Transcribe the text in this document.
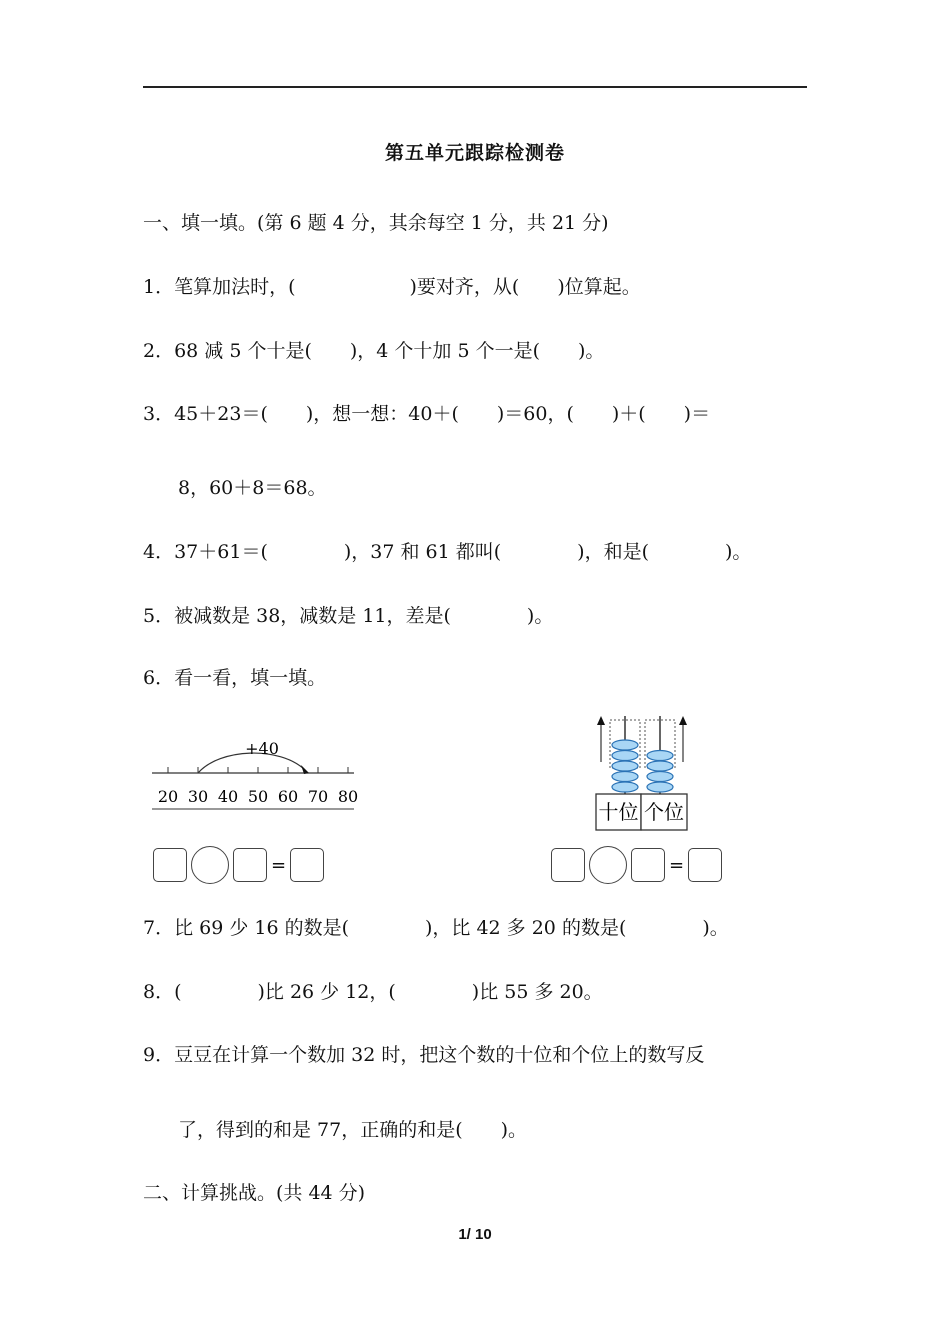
第五单元跟踪检测卷
一、填一填。(第 6 题 4 分，其余每空 1 分，共 21 分)
1．笔算加法时，(　　　　　　)要对齐，从(　　)位算起。
2．68 减 5 个十是(　　)，4 个十加 5 个一是(　　)。
3．45＋23＝(　　)，想一想：40＋(　　)＝60，(　　)＋(　　)＝
8，60＋8＝68。
4．37＋61＝(　　　　)，37 和 61 都叫(　　　　)，和是(　　　　)。
5．被减数是 38，减数是 11，差是(　　　　)。
6．看一看，填一填。
20 30 40 50 60 70 80
+40
十位 个位
=	=
7．比 69 少 16 的数是(　　　　)，比 42 多 20 的数是(　　　　)。
8．(　　　　)比 26 少 12，(　　　　)比 55 多 20。
9．豆豆在计算一个数加 32 时，把这个数的十位和个位上的数写反
了，得到的和是 77，正确的和是(　　)。
二、计算挑战。(共 44 分)
1/ 10
